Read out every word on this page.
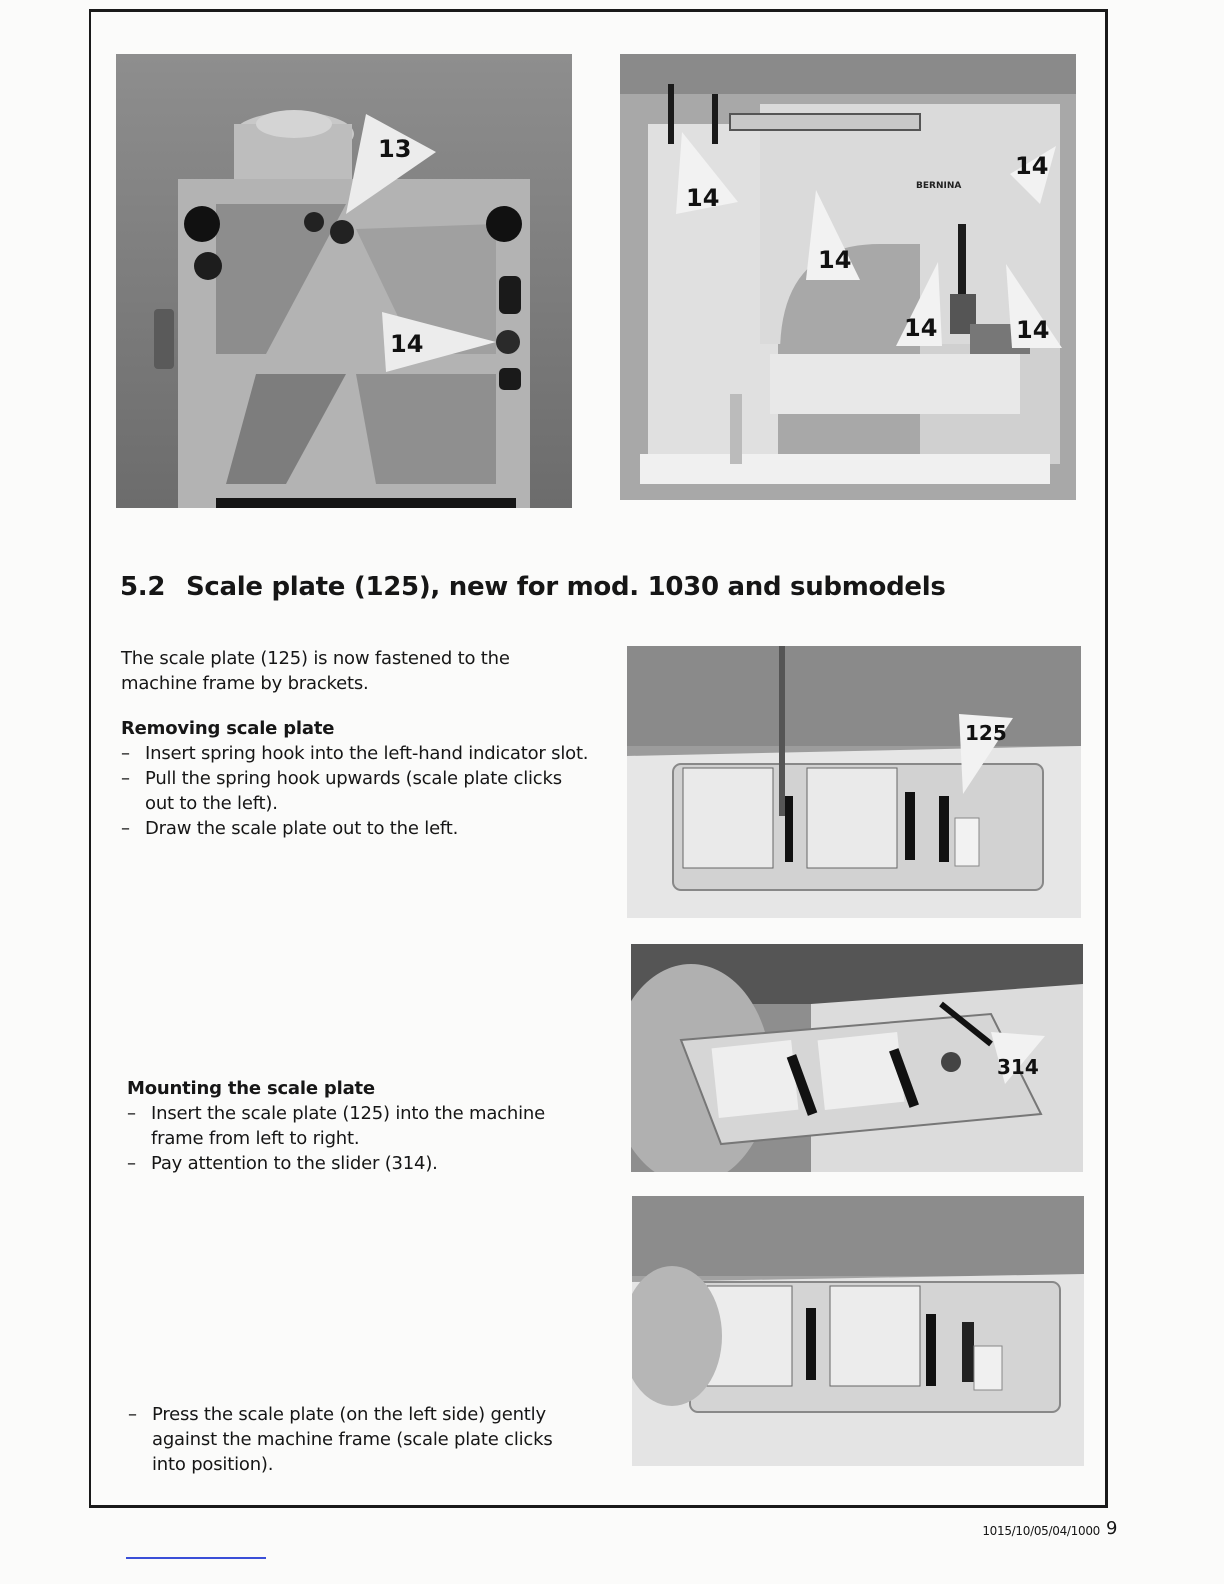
13
14
BERNINA
14
14
14
14	14
5.2 Scale plate (125), new for mod. 1030 and submodels

The scale plate (125) is now fastened to the machine frame by brackets.

Removing scale plate

– Insert spring hook into the left-hand indicator slot.
– Pull the spring hook upwards (scale plate clicks out to the left).
– Draw the scale plate out to the left.

Mounting the scale plate

– Insert the scale plate (125) into the machine frame from left to right.
– Pay attention to the slider (314).
– Press the scale plate (on the left side) gently against the machine frame (scale plate clicks into position).
125
314
1015/10/05/04/1000 9
